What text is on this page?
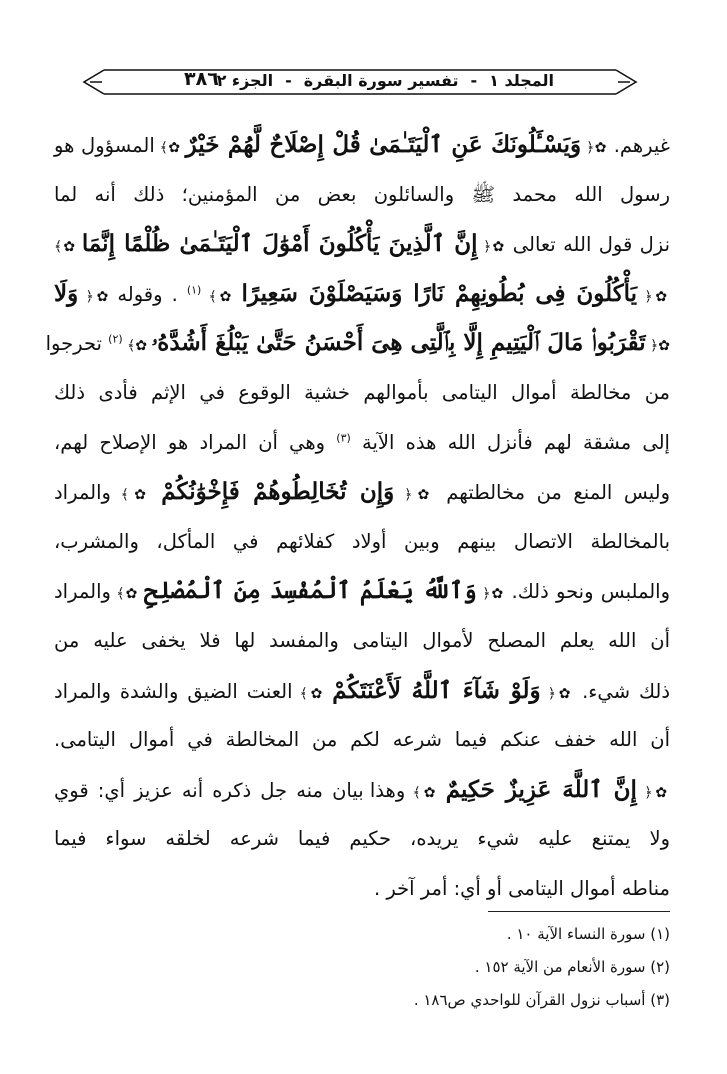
٣٨٦	المجلد ١-تفسير سورة البقرة-الجزء ٢
غيرهم. ✿﴿ وَيَسْـَٔلُونَكَ عَنِ ٱلْيَتَـٰمَىٰ قُلْ إِصْلَاحٌ لَّهُمْ خَيْرٌ ✿﴾ المسؤول هو
رسول الله محمد ﷺ والسائلون بعض من المؤمنين؛ ذلك أنه لما
نزل قول الله تعالى ✿﴿ إِنَّ ٱلَّذِينَ يَأْكُلُونَ أَمْوَٰلَ ٱلْيَتَـٰمَىٰ ظُلْمًا إِنَّمَا ✿﴾
✿﴿ يَأْكُلُونَ فِى بُطُونِهِمْ نَارًا وَسَيَصْلَوْنَ سَعِيرًا ✿﴾ $^{(١)}$ . وقوله ✿﴿ وَلَا
✿﴿ تَقْرَبُوا۟ مَالَ ٱلْيَتِيمِ إِلَّا بِٱلَّتِى هِىَ أَحْسَنُ حَتَّىٰ يَبْلُغَ أَشُدَّهُۥ ✿﴾ $^{(٢)}$ تحرجوا
من مخالطة أموال اليتامى بأموالهم خشية الوقوع في الإثم فأدى ذلك
إلى مشقة لهم فأنزل الله هذه الآية $^{(٣)}$ وهي أن المراد هو الإصلاح لهم،
وليس المنع من مخالطتهم ✿﴿ وَإِن تُخَالِطُوهُمْ فَإِخْوَٰنُكُمْ ✿﴾ والمراد
بالمخالطة الاتصال بينهم وبين أولاد كفلائهم في المأكل، والمشرب،
والملبس ونحو ذلك. ✿﴿ وَٱللَّهُ يَعْلَمُ ٱلْمُفْسِدَ مِنَ ٱلْمُصْلِحِ ✿﴾ والمراد
أن الله يعلم المصلح لأموال اليتامى والمفسد لها فلا يخفى عليه من
ذلك شيء. ✿﴿ وَلَوْ شَآءَ ٱللَّهُ لَأَعْنَتَكُمْ ✿﴾ العنت الضيق والشدة والمراد
أن الله خفف عنكم فيما شرعه لكم من المخالطة في أموال اليتامى.
✿﴿ إِنَّ ٱللَّهَ عَزِيزٌ حَكِيمٌ ✿﴾ وهذا بيان منه جل ذكره أنه عزيز أي: قوي
ولا يمتنع عليه شيء يريده، حكيم فيما شرعه لخلقه سواء فيما
مناطه أموال اليتامى أو أي: أمر آخر .
(١) سورة النساء الآية ١٠ .
(٢) سورة الأنعام من الآية ١٥٢ .
(٣) أسباب نزول القرآن للواحدي ص١٨٦ .
